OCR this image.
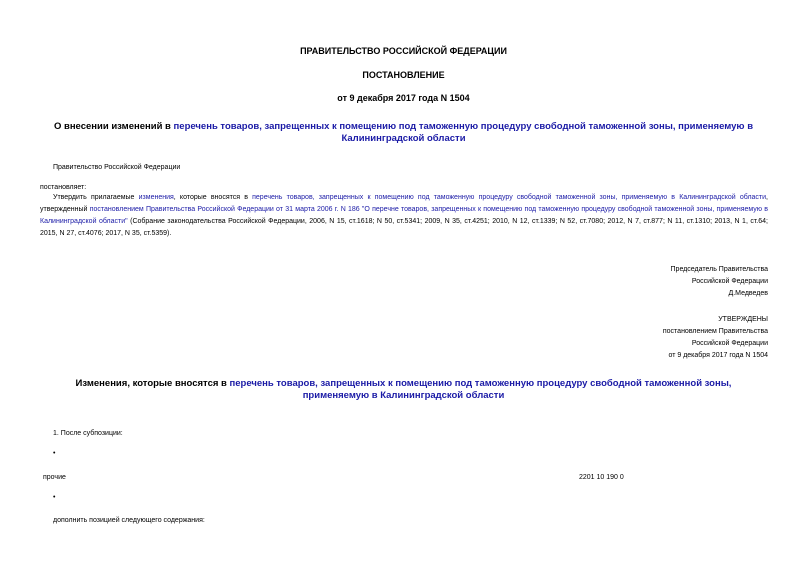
ПРАВИТЕЛЬСТВО РОССИЙСКОЙ ФЕДЕРАЦИИ
ПОСТАНОВЛЕНИЕ
от 9 декабря 2017 года N 1504
О внесении изменений в перечень товаров, запрещенных к помещению под таможенную процедуру свободной таможенной зоны, применяемую в Калининградской области
Правительство Российской Федерации
постановляет:
Утвердить прилагаемые изменения, которые вносятся в перечень товаров, запрещенных к помещению под таможенную процедуру свободной таможенной зоны, применяемую в Калининградской области, утвержденный постановлением Правительства Российской Федерации от 31 марта 2006 г. N 186 "О перечне товаров, запрещенных к помещению под таможенную процедуру свободной таможенной зоны, применяемую в Калининградской области" (Собрание законодательства Российской Федерации, 2006, N 15, ст.1618; N 50, ст.5341; 2009, N 35, ст.4251; 2010, N 12, ст.1339; N 52, ст.7080; 2012, N 7, ст.877; N 11, ст.1310; 2013, N 1, ст.64; 2015, N 27, ст.4076; 2017, N 35, ст.5359).
Председатель Правительства
Российской Федерации
Д.Медведев
УТВЕРЖДЕНЫ
постановлением Правительства
Российской Федерации
от 9 декабря 2017 года N 1504
Изменения, которые вносятся в перечень товаров, запрещенных к помещению под таможенную процедуру свободной таможенной зоны, применяемую в Калининградской области
1. После субпозиции:
•
прочие	2201 10 190 0
•
дополнить позицией следующего содержания:
